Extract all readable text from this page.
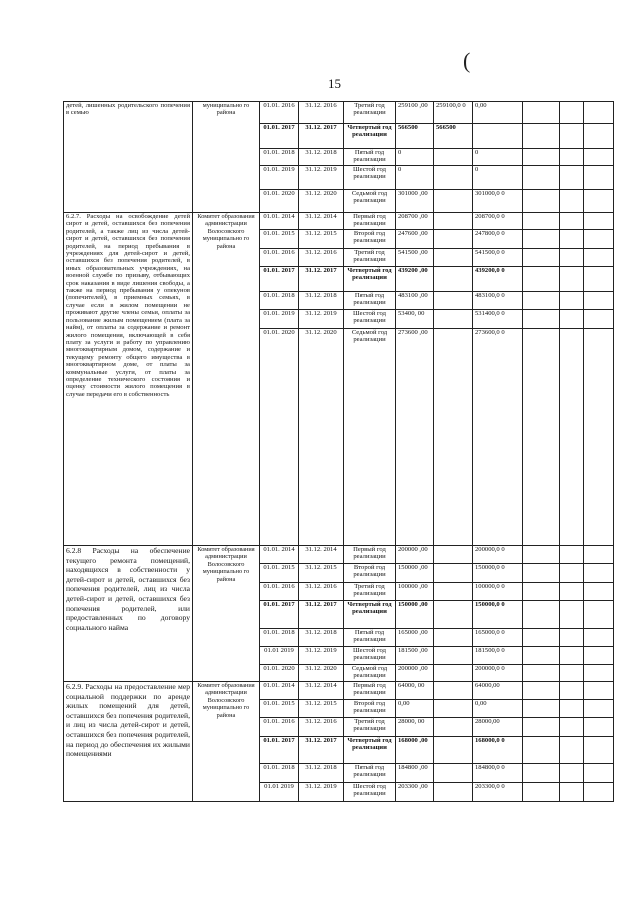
15
(
детей, лишенных родительского попечения в семью	муниципально го района	01.01. 2016	31.12. 2016	Третий год реализации	259100 ,00	259100,0 0	0,00			
		01.01. 2017	31.12. 2017	Четвертый год реализации	566500	566500				
		01.01. 2018	31.12. 2018	Пятый год реализации	0		0			
		01.01. 2019	31.12. 2019	Шестой год реализации	0		0			
		01.01. 2020	31.12. 2020	Седьмой год реализации	301000 ,00		301000,0 0			
6.2.7. Расходы на освобождение детей сирот и детей, оставшихся без попечения родителей, а также лиц из числа детей-сирот и детей, оставшихся без попечения родителей, на период пребывания в учреждениях для детей-сирот и детей, оставшихся без попечения родителей, в иных образовательных учреждениях, на военной службе по призыву, отбывающих срок наказания в виде лишения свободы, а также на период пребывания у опекунов (попечителей), в приемных семьях, в случае если в жилом помещении не проживают другие члены семьи, оплаты за пользование жилым помещением (плата за найм), от оплаты за содержание и ремонт жилого помещения, включающей в себя плату за услуги и работу по управлению многоквартирным домом, содержание и текущему ремонту общего имущества в многоквартирном доме, от платы за коммунальные услуги, от платы за определение технического состояния и оценку стоимости жилого помещения в случае передачи его в собственность	Комитет образования администрации Волосовского муниципально го района	01.01. 2014	31.12. 2014	Первый год реализации	208700 ,00		208700,0 0			
		01.01. 2015	31.12. 2015	Второй год реализации	247600 ,00		247800,0 0			
		01.01. 2016	31.12. 2016	Третий год реализации	541500 ,00		541500,0 0			
		01.01. 2017	31.12. 2017	Четвертый год реализации	439200 ,00		439200,0 0			
		01.01. 2018	31.12. 2018	Пятый год реализации	483100 ,00		483100,0 0			
		01.01. 2019	31.12. 2019	Шестой год реализации	53400, 00		531400,0 0			
		01.01. 2020	31.12. 2020	Седьмой год реализации	273600 ,00		273600,0 0			
6.2.8 Расходы на обеспечение текущего ремонта помещений, находящихся в собственности у детей-сирот и детей, оставшихся без попечения родителей, лиц из числа детей-сирот и детей, оставшихся без попечения родителей, или предоставленных по договору социального найма	Комитет образования администрации Волосовского муниципально го района	01.01. 2014	31.12. 2014	Первый год реализации	200000 ,00		200000,0 0			
		01.01. 2015	31.12. 2015	Второй год реализации	150000 ,00		150000,0 0			
		01.01. 2016	31.12. 2016	Третий год реализации	100000 ,00		100000,0 0			
		01.01. 2017	31.12. 2017	Четвертый год реализации	150000 ,00		150000,0 0			
		01.01. 2018	31.12. 2018	Пятый год реализации	165000 ,00		165000,0 0			
		01.01 2019	31.12. 2019	Шестой год реализации	181500 ,00		181500,0 0			
		01.01. 2020	31.12. 2020	Седьмой год реализации	200000 ,00		200000,0 0			
6.2.9. Расходы на предоставление мер социальной поддержки по аренде жилых помещений для детей, оставшихся без попечения родителей, и лиц из числа детей-сирот и детей, оставшихся без попечения родителей, на период до обеспечения их жилыми помещениями	Комитет образования администрации Волосовского муниципально го района	01.01. 2014	31.12. 2014	Первый год реализации	64000, 00		64000,00			
		01.01. 2015	31.12. 2015	Второй год реализации	0,00		0,00			
		01.01. 2016	31.12. 2016	Третий год реализации	28000, 00		28000,00			
		01.01. 2017	31.12. 2017	Четвертый год реализации	168000 ,00		168000,0 0			
		01.01. 2018	31.12. 2018	Пятый год реализации	184800 ,00		184800,0 0			
		01.01 2019	31.12. 2019	Шестой год реализации	203300 ,00		203300,0 0			
